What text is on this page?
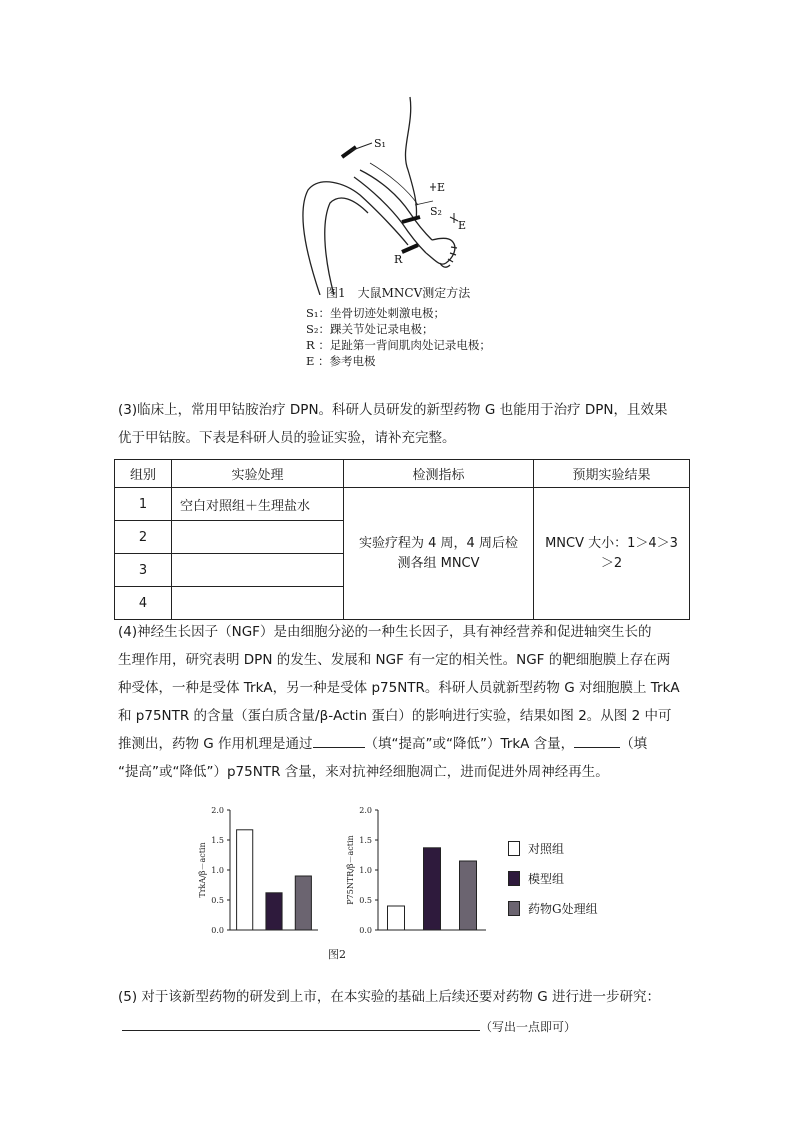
S₁
E
S₂
E
R
图1　大鼠MNCV测定方法
S₁：坐骨切迹处刺激电极；
S₂：踝关节处记录电极；
R ：足趾第一背间肌肉处记录电极；
E ：参考电极
(3)临床上，常用甲钴胺治疗 DPN。科研人员研发的新型药物 G 也能用于治疗 DPN，且效果
优于甲钴胺。下表是科研人员的验证实验，请补充完整。
组别	实验处理	检测指标	预期实验结果
1	空白对照组＋生理盐水	实验疗程为 4 周，4 周后检测各组 MNCV	MNCV 大小：1＞4＞3＞2
2			
3			
4			
(4)神经生长因子（NGF）是由细胞分泌的一种生长因子，具有神经营养和促进轴突生长的
生理作用，研究表明 DPN 的发生、发展和 NGF 有一定的相关性。NGF 的靶细胞膜上存在两
种受体，一种是受体 TrkA，另一种是受体 p75NTR。科研人员就新型药物 G 对细胞膜上 TrkA
和 p75NTR 的含量（蛋白质含量/β-Actin 蛋白）的影响进行实验，结果如图 2。从图 2 中可
推测出，药物 G 作用机理是通过	（填“提高”或“降低”）TrkA 含量，	（填
“提高”或“降低”）p75NTR 含量，来对抗神经细胞凋亡，进而促进外周神经再生。
0.0
0.5
1.0
1.5
2.0
TrkA/β－actin
0.0
0.5
1.0
1.5
2.0
P75NTR/β－actin	对照组
模型组
药物G处理组
图2
(5) 对于该新型药物的研发到上市，在本实验的基础上后续还要对药物 G 进行进一步研究：
（写出一点即可）
